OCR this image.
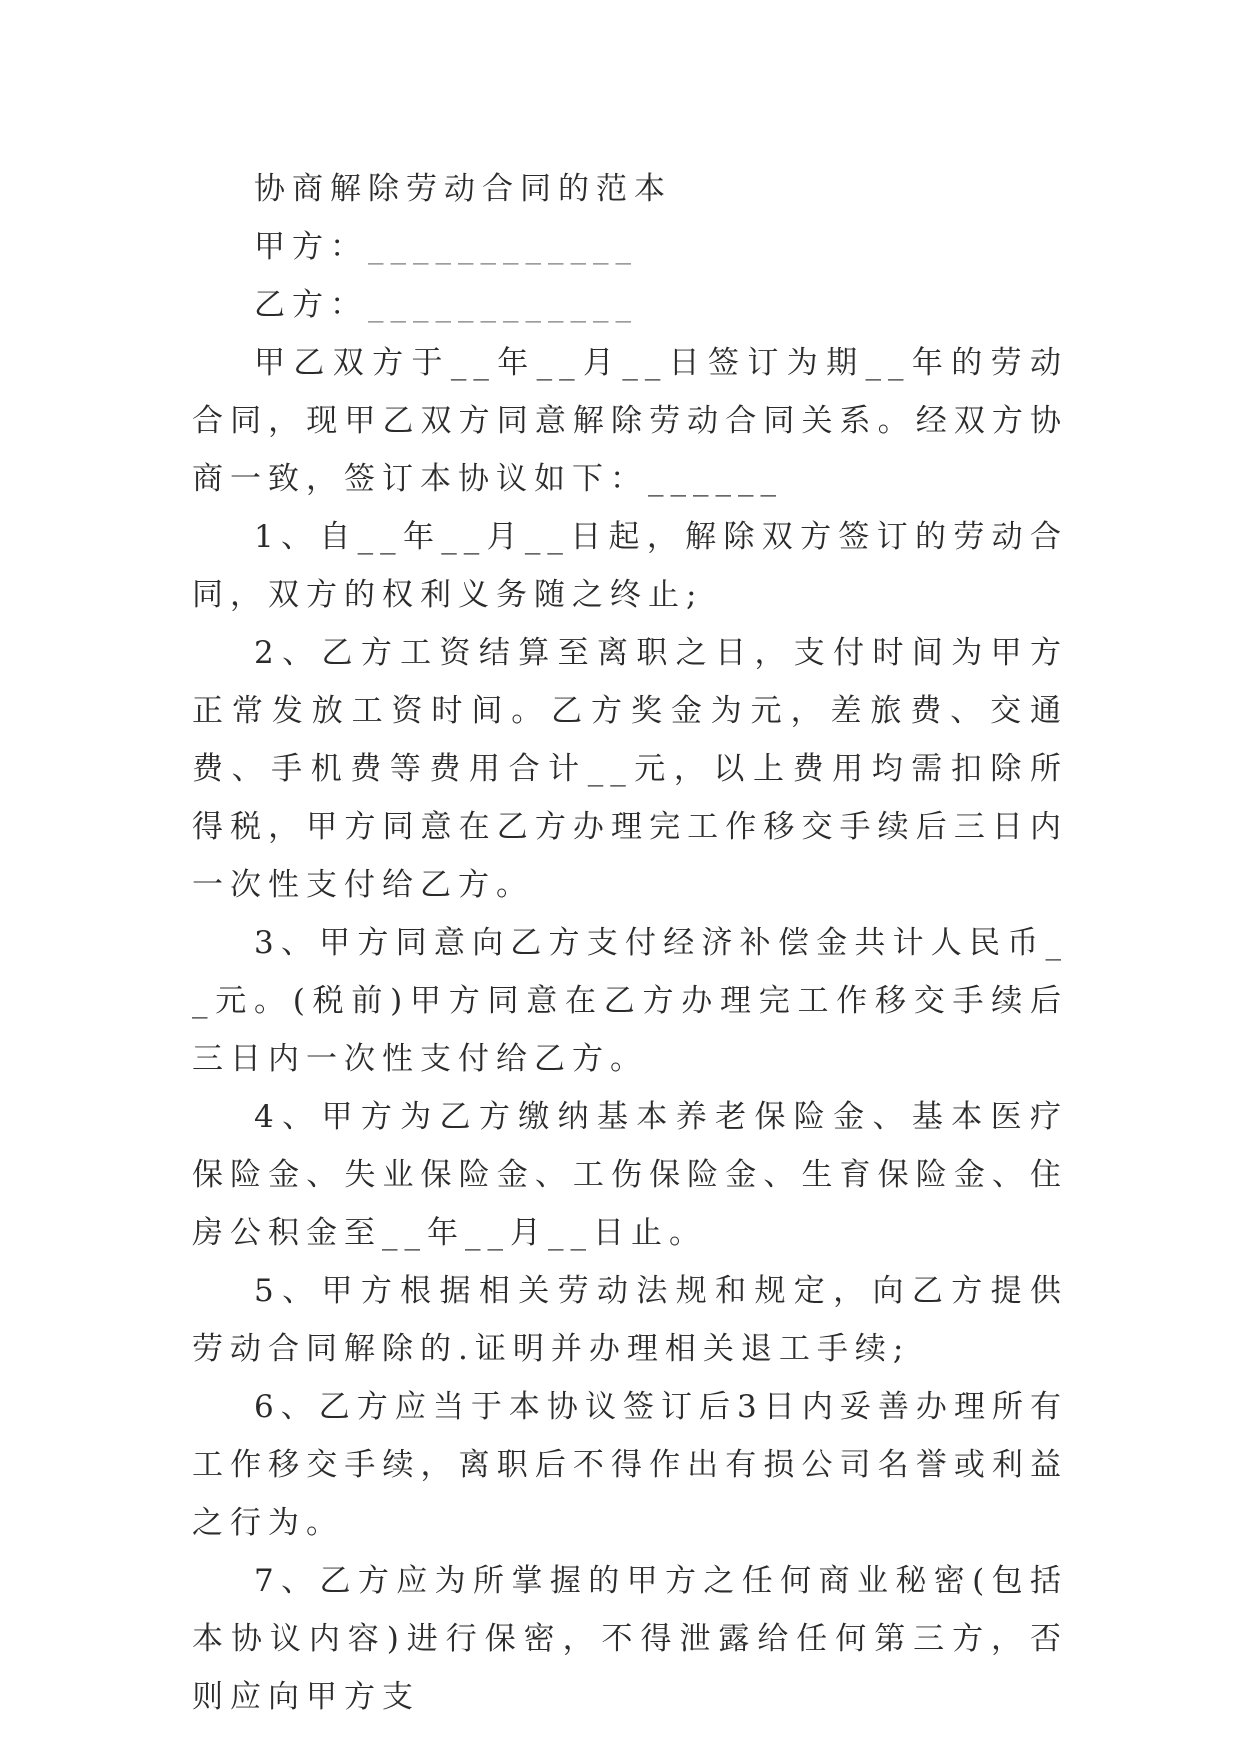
协商解除劳动合同的范本

甲方：____________

乙方：____________

甲乙双方于__年__月__日签订为期__年的劳动合同，现甲乙双方同意解除劳动合同关系。经双方协商一致，签订本协议如下：______

1、自__年__月__日起，解除双方签订的劳动合同，双方的权利义务随之终止;

2、乙方工资结算至离职之日，支付时间为甲方正常发放工资时间。乙方奖金为元，差旅费、交通费、手机费等费用合计__元，以上费用均需扣除所得税，甲方同意在乙方办理完工作移交手续后三日内一次性支付给乙方。

3、甲方同意向乙方支付经济补偿金共计人民币__元。(税前)甲方同意在乙方办理完工作移交手续后三日内一次性支付给乙方。

4、甲方为乙方缴纳基本养老保险金、基本医疗保险金、失业保险金、工伤保险金、生育保险金、住房公积金至__年__月__日止。

5、甲方根据相关劳动法规和规定，向乙方提供劳动合同解除的.证明并办理相关退工手续;

6、乙方应当于本协议签订后3日内妥善办理所有工作移交手续，离职后不得作出有损公司名誉或利益之行为。

7、乙方应为所掌握的甲方之任何商业秘密(包括本协议内容)进行保密，不得泄露给任何第三方，否则应向甲方支
